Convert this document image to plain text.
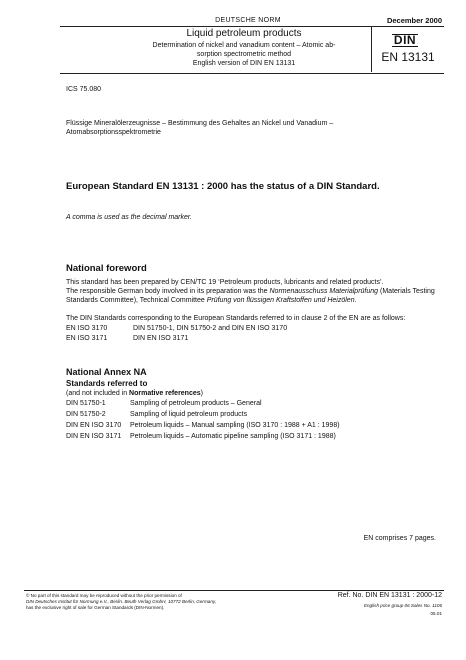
DEUTSCHE NORM	December 2000
Liquid petroleum products
Determination of nickel and vanadium content – Atomic ab-
sorption spectrometric method
English version of DIN EN 13131
DIN
EN 13131
ICS 75.080
Flüssige Mineralölerzeugnisse – Bestimmung des Gehaltes an Nickel und Vanadium – Atomabsorptionsspektrometrie
European Standard EN 13131 : 2000 has the status of a DIN Standard.
A comma is used as the decimal marker.
National foreword
This standard has been prepared by CEN/TC 19 ‘Petroleum products, lubricants and related products’.
The responsible German body involved in its preparation was the Normenausschuss Materialprüfung (Materials Testing Standards Committee), Technical Committee Prüfung von flüssigen Kraftstoffen und Heizölen.
The DIN Standards corresponding to the European Standards referred to in clause 2 of the EN are as follows:
EN ISO 3170	DIN 51750-1, DIN 51750-2 and DIN EN ISO 3170
EN ISO 3171	DIN EN ISO 3171
National Annex NA
Standards referred to
(and not included in Normative references)
DIN 51750-1	Sampling of petroleum products – General
DIN 51750-2	Sampling of liquid petroleum products
DIN EN ISO 3170 Petroleum liquids – Manual sampling (ISO 3170 : 1988 + A1 : 1998)
DIN EN ISO 3171 Petroleum liquids – Automatic pipeline sampling (ISO 3171 : 1988)
EN comprises 7 pages.
© No part of this standard may be reproduced without the prior permission of
DIN Deutsches Institut für Normung e.V., Berlin. Beuth Verlag GmbH, 10772 Berlin, Germany,
has the exclusive right of sale for German Standards (DIN-Normen).
Ref. No. DIN EN 13131 : 2000-12
English price group 06 Sales No. 1106
05.01
